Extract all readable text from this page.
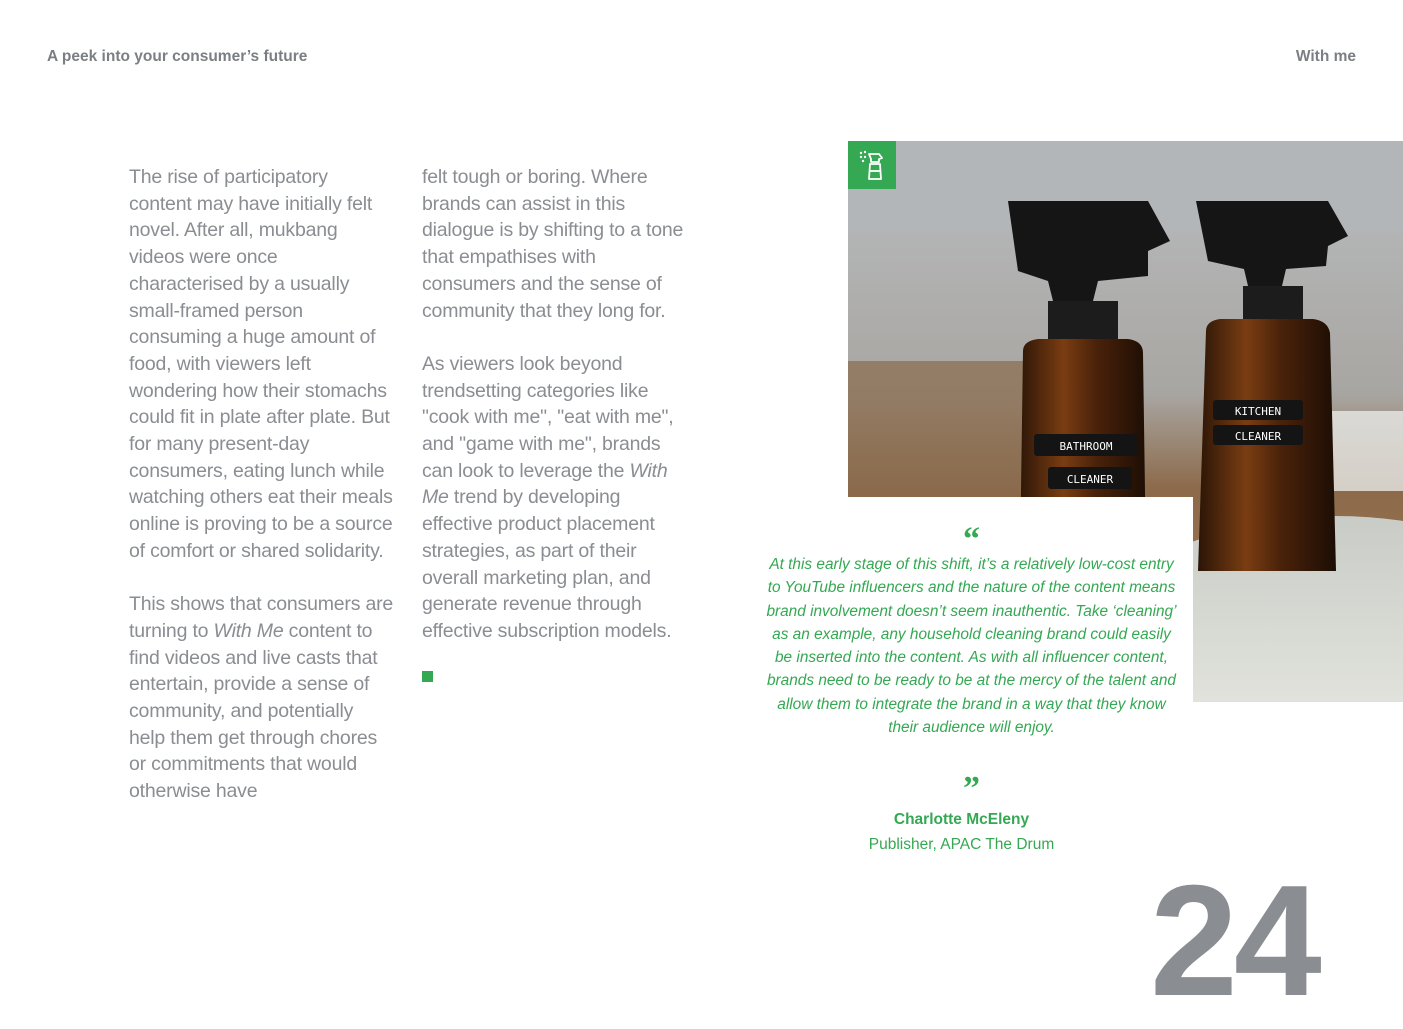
A peek into your consumer’s future	With me

The rise of participatory content may have initially felt novel. After all, mukbang videos were once characterised by a usually small-framed person consuming a huge amount of food, with viewers left wondering how their stomachs could fit in plate after plate. But for many present-day consumers, eating lunch while watching others eat their meals online is proving to be a source of comfort or shared solidarity.

This shows that consumers are turning to With Me content to find videos and live casts that entertain, provide a sense of community, and potentially help them get through chores or commitments that would otherwise have

felt tough or boring. Where brands can assist in this dialogue is by shifting to a tone that empathises with consumers and the sense of community that they long for.

As viewers look beyond trendsetting categories like "cook with me", "eat with me", and "game with me", brands can look to leverage the With Me trend by developing effective product placement strategies, as part of their overall marketing plan, and generate revenue through effective subscription models.

BATHROOM
CLEANER
KITCHEN
CLEANER
“
At this early stage of this shift, it’s a relatively low-cost entry to YouTube influencers and the nature of the content means brand involvement doesn’t seem inauthentic. Take ‘cleaning’ as an example, any household cleaning brand could easily be inserted into the content. As with all influencer content, brands need to be ready to be at the mercy of the talent and allow them to integrate the brand in a way that they know their audience will enjoy.
”
Charlotte McEleny
Publisher, APAC The Drum
24
